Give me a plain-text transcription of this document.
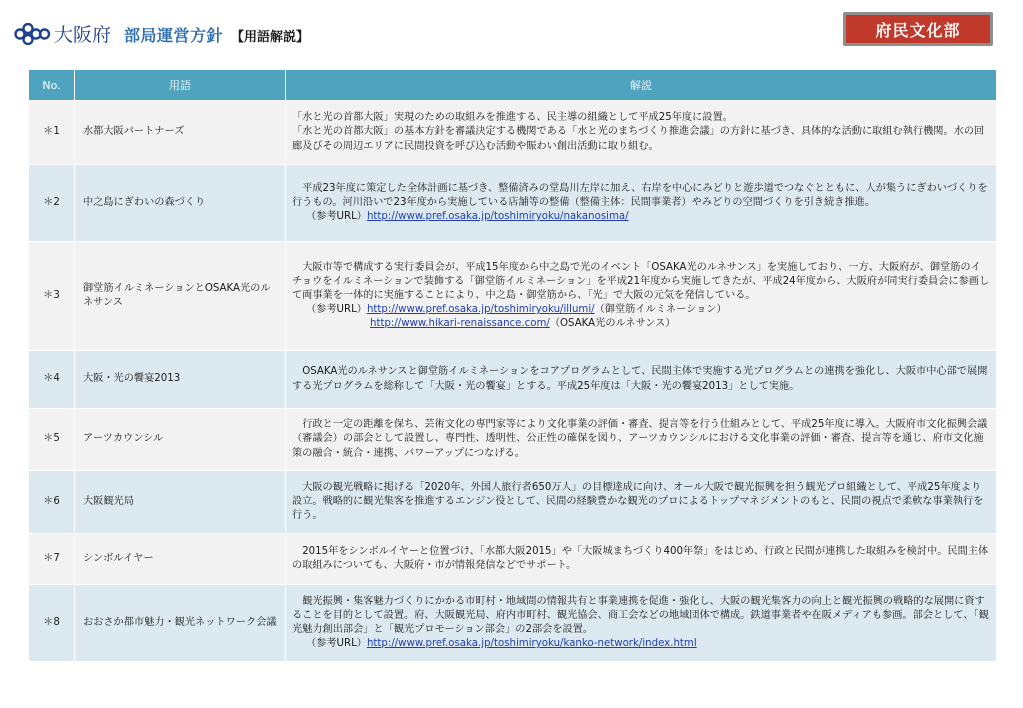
大阪府 部局運営方針 【用語解説】	府民文化部
No.	用語	解説
＊1	水都大阪パートナーズ	「水と光の首都大阪」実現のための取組みを推進する、民主導の組織として平成25年度に設置。
「水と光の首都大阪」の基本方針を審議決定する機関である「水と光のまちづくり推進会議」の方針に基づき、具体的な活動に取組む執行機関。水の回廊及びその周辺エリアに民間投資を呼び込む活動や賑わい創出活動に取り組む。

＊2	中之島にぎわいの森づくり	平成23年度に策定した全体計画に基づき、整備済みの堂島川左岸に加え、右岸を中心にみどりと遊歩道でつなぐとともに、人が集うにぎわいづくりを行うもの。河川沿いで23年度から実施している店舗等の整備（整備主体：民間事業者）やみどりの空間づくりを引き続き推進。
（参考URL）http://www.pref.osaka.jp/toshimiryoku/nakanosima/

＊3	御堂筋イルミネーションとOSAKA光のルネサンス	大阪市等で構成する実行委員会が、平成15年度から中之島で光のイベント「OSAKA光のルネサンス」を実施しており、一方、大阪府が、御堂筋のイチョウをイルミネーションで装飾する「御堂筋イルミネーション」を平成21年度から実施してきたが、平成24年度から、大阪府が同実行委員会に参画して両事業を一体的に実施することにより、中之島・御堂筋から、「光」で大阪の元気を発信している。
（参考URL）http://www.pref.osaka.jp/toshimiryoku/illumi/（御堂筋イルミネーション）
http://www.hikari-renaissance.com/（OSAKA光のルネサンス）

＊4	大阪・光の饗宴2013	OSAKA光のルネサンスと御堂筋イルミネーションをコアプログラムとして、民間主体で実施する光プログラムとの連携を強化し、大阪市中心部で展開する光プログラムを総称して「大阪・光の饗宴」とする。平成25年度は「大阪・光の饗宴2013」として実施。

＊5	アーツカウンシル	行政と一定の距離を保ち、芸術文化の専門家等により文化事業の評価・審査、提言等を行う仕組みとして、平成25年度に導入。大阪府市文化振興会議（審議会）の部会として設置し、専門性、透明性、公正性の確保を図り、アーツカウンシルにおける文化事業の評価・審査、提言等を通じ、府市文化施策の融合・統合・連携、パワーアップにつなげる。

＊6	大阪観光局	大阪の観光戦略に掲げる「2020年、外国人旅行者650万人」の目標達成に向け、オール大阪で観光振興を担う観光プロ組織として、平成25年度より設立。戦略的に観光集客を推進するエンジン役として、民間の経験豊かな観光のプロによるトップマネジメントのもと、民間の視点で柔軟な事業執行を行う。

＊7	シンボルイヤー	2015年をシンボルイヤーと位置づけ、「水都大阪2015」や「大阪城まちづくり400年祭」をはじめ、行政と民間が連携した取組みを検討中。民間主体の取組みについても、大阪府・市が情報発信などでサポート。

＊8	おおさか都市魅力・観光ネットワーク会議	観光振興・集客魅力づくりにかかる市町村・地域間の情報共有と事業連携を促進・強化し、大阪の観光集客力の向上と観光振興の戦略的な展開に資することを目的として設置。府、大阪観光局、府内市町村、観光協会、商工会などの地域団体で構成。鉄道事業者や在阪メディアも参画。部会として、「観光魅力創出部会」と「観光プロモーション部会」の2部会を設置。
（参考URL）http://www.pref.osaka.jp/toshimiryoku/kanko-network/index.html
